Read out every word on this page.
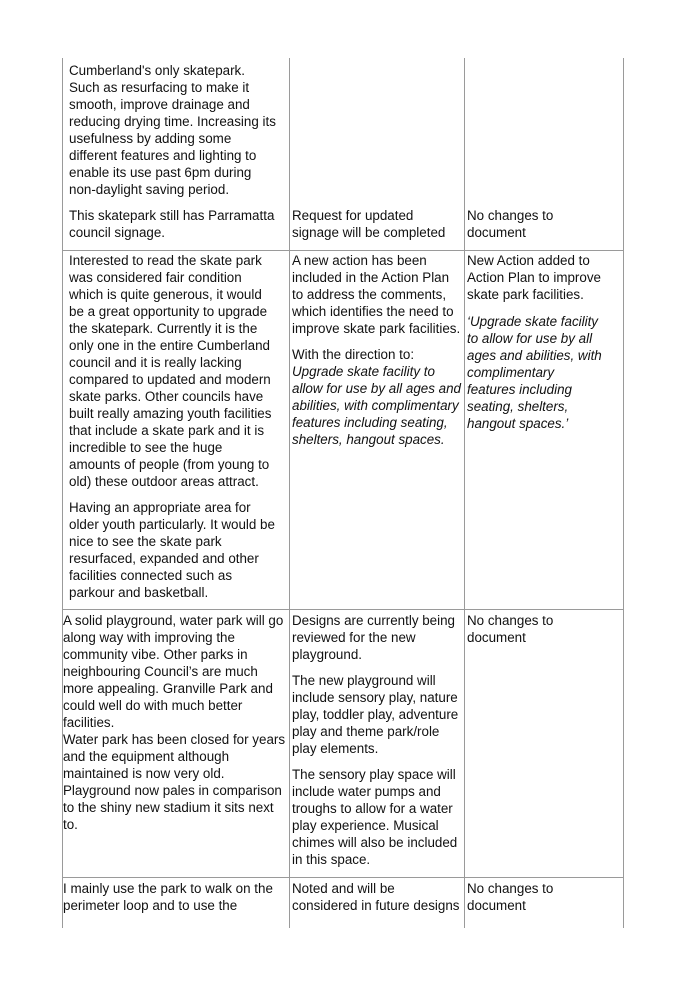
Cumberland's only skatepark.
Such as resurfacing to make it
smooth, improve drainage and
reducing drying time. Increasing its
usefulness by adding some
different features and lighting to
enable its use past 6pm during
non-daylight saving period.
This skatepark still has Parramatta
council signage.
Request for updated
signage will be completed
No changes to
document
Interested to read the skate park
was considered fair condition
which is quite generous, it would
be a great opportunity to upgrade
the skatepark. Currently it is the
only one in the entire Cumberland
council and it is really lacking
compared to updated and modern
skate parks. Other councils have
built really amazing youth facilities
that include a skate park and it is
incredible to see the huge
amounts of people (from young to
old) these outdoor areas attract.
Having an appropriate area for
older youth particularly. It would be
nice to see the skate park
resurfaced, expanded and other
facilities connected such as
parkour and basketball.
A new action has been
included in the Action Plan
to address the comments,
which identifies the need to
improve skate park facilities.
With the direction to:
Upgrade skate facility to
allow for use by all ages and
abilities, with complimentary
features including seating,
shelters, hangout spaces.
New Action added to
Action Plan to improve
skate park facilities.
‘Upgrade skate facility
to allow for use by all
ages and abilities, with
complimentary
features including
seating, shelters,
hangout spaces.’
A solid playground, water park will go
along way with improving the
community vibe. Other parks in
neighbouring Council’s are much
more appealing. Granville Park and
could well do with much better
facilities.
Water park has been closed for years
and the equipment although
maintained is now very old.
Playground now pales in comparison
to the shiny new stadium it sits next
to.
Designs are currently being
reviewed for the new
playground.
The new playground will
include sensory play, nature
play, toddler play, adventure
play and theme park/role
play elements.
The sensory play space will
include water pumps and
troughs to allow for a water
play experience. Musical
chimes will also be included
in this space.
No changes to
document
I mainly use the park to walk on the
perimeter loop and to use the
Noted and will be
considered in future designs
No changes to
document
